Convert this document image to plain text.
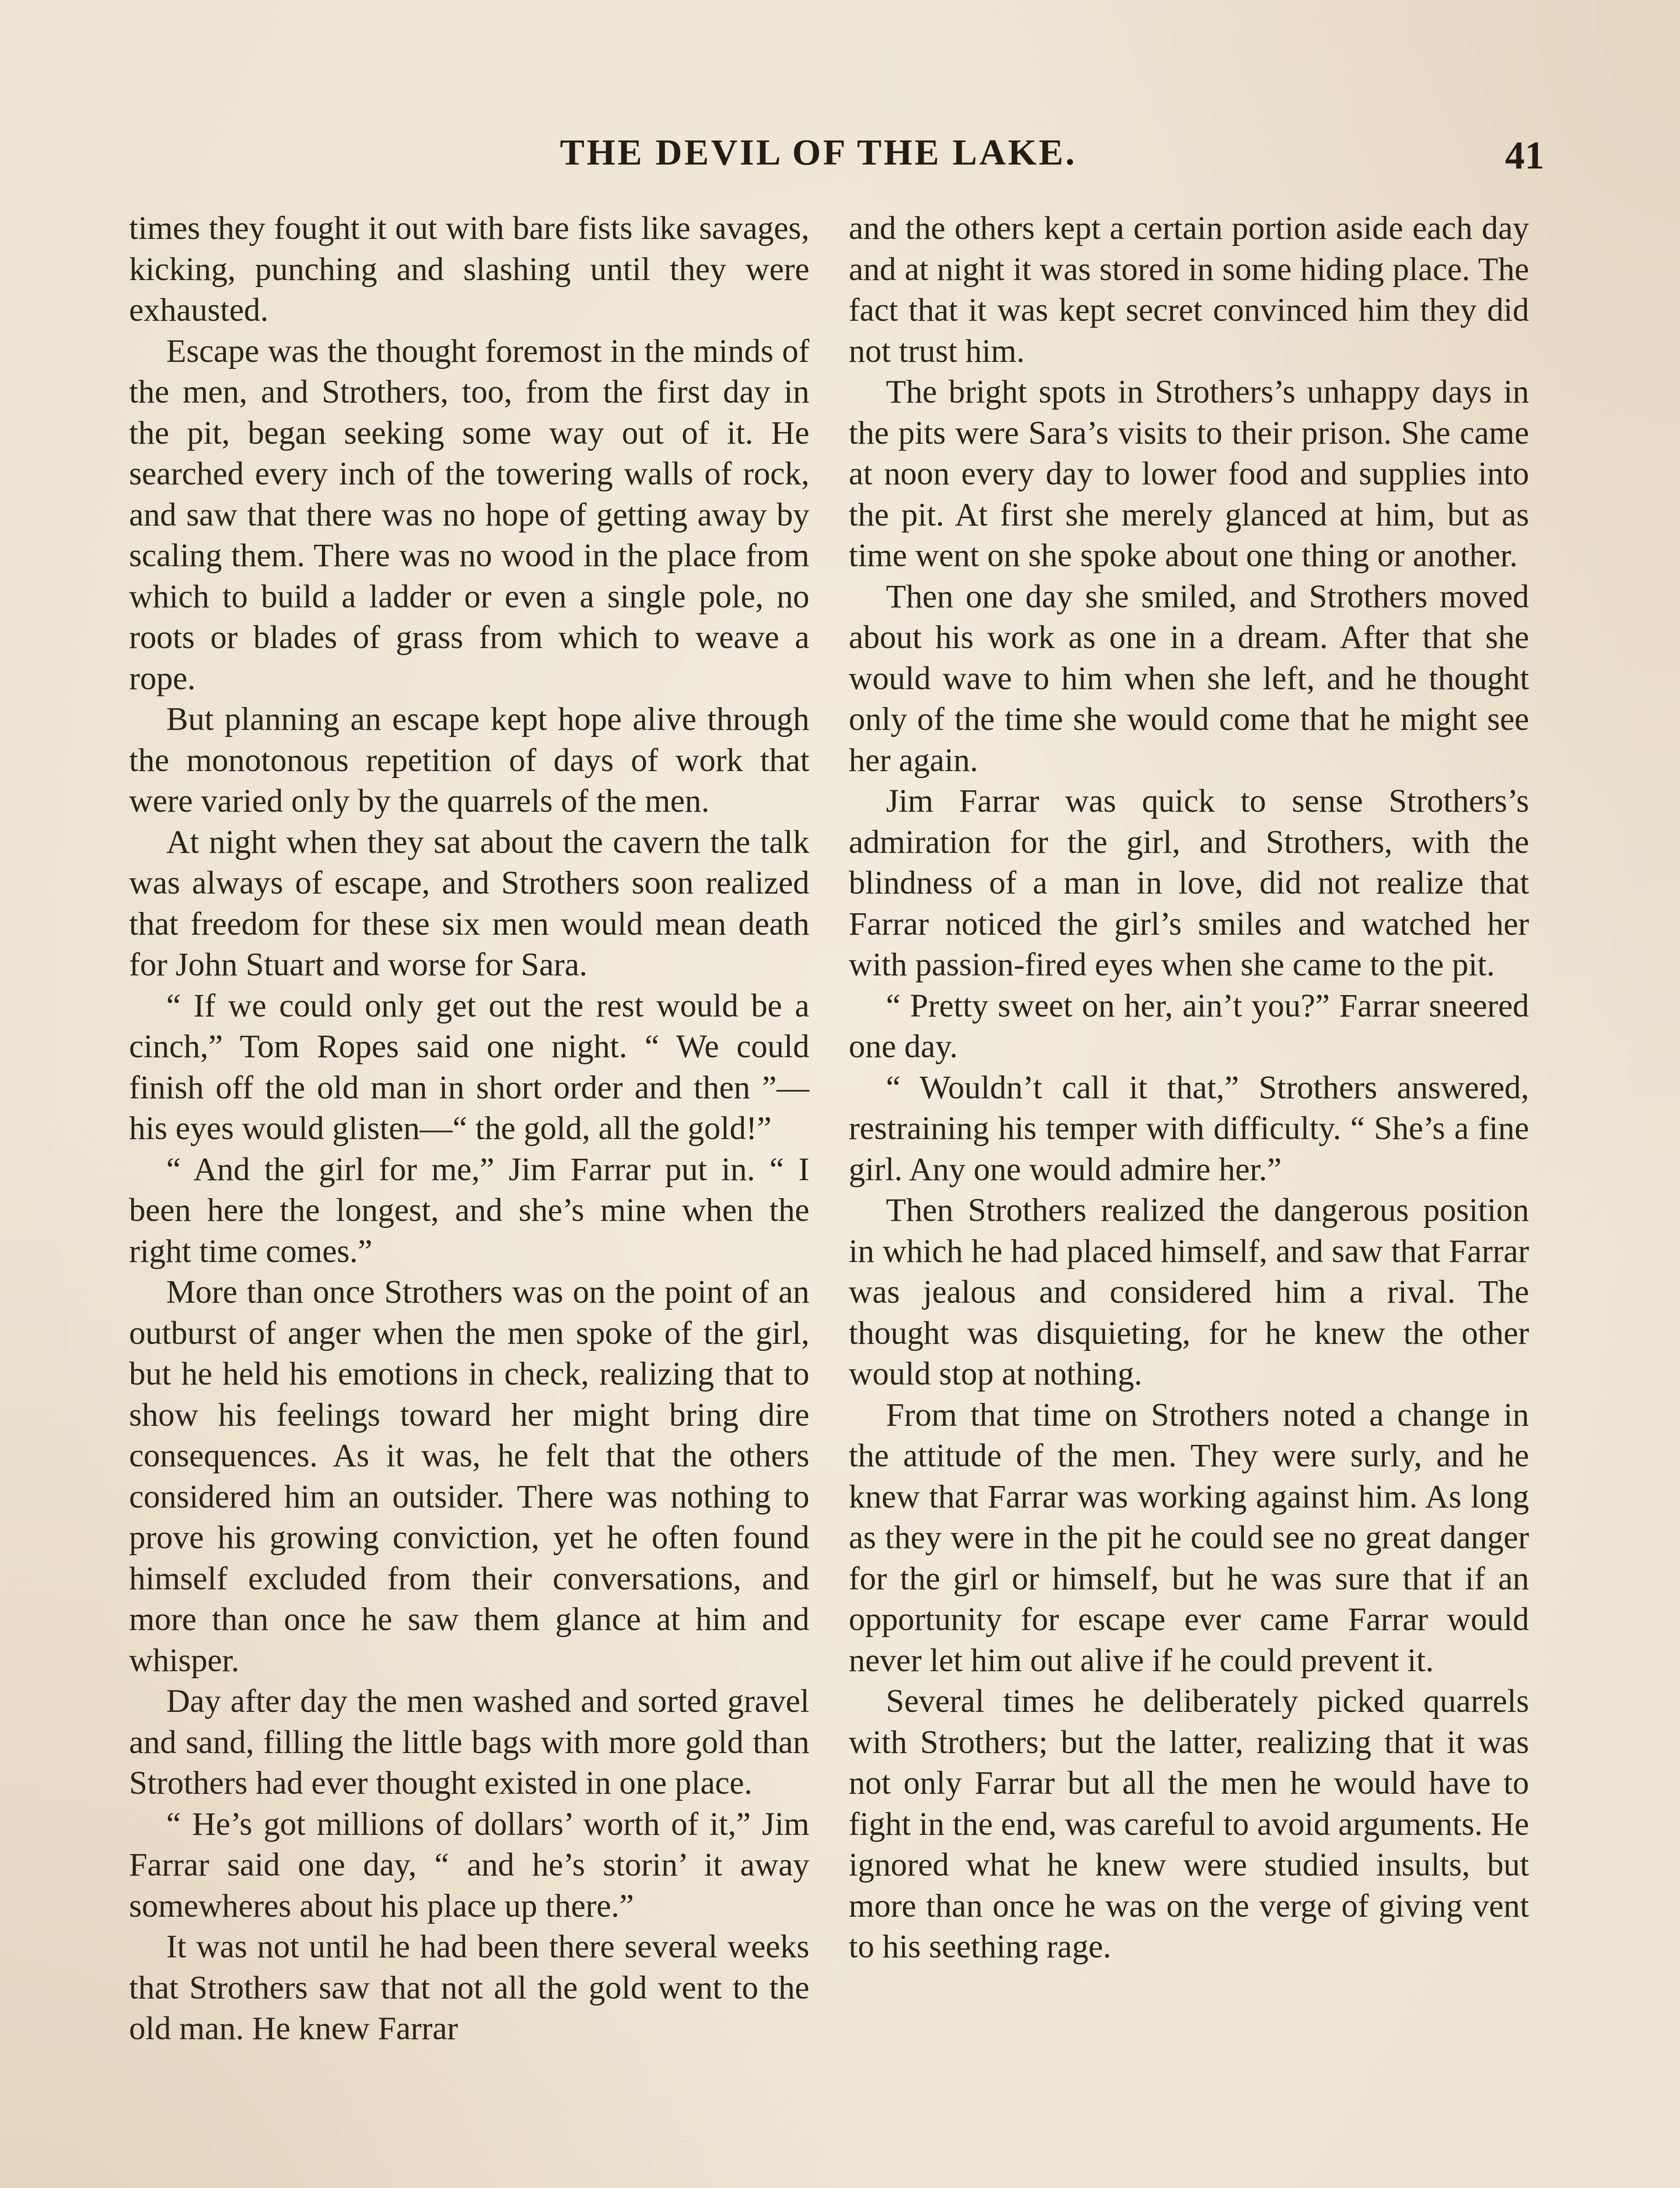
THE DEVIL OF THE LAKE.	41

times they fought it out with bare fists like savages, kicking, punching and slashing until they were exhausted.

Escape was the thought foremost in the minds of the men, and Strothers, too, from the first day in the pit, began seeking some way out of it. He searched every inch of the towering walls of rock, and saw that there was no hope of getting away by scaling them. There was no wood in the place from which to build a ladder or even a single pole, no roots or blades of grass from which to weave a rope.

But planning an escape kept hope alive through the monotonous repetition of days of work that were varied only by the quarrels of the men.

At night when they sat about the cavern the talk was always of escape, and Strothers soon realized that freedom for these six men would mean death for John Stuart and worse for Sara.

“ If we could only get out the rest would be a cinch,” Tom Ropes said one night. “ We could finish off the old man in short order and then ”—his eyes would glisten—“ the gold, all the gold!”

“ And the girl for me,” Jim Farrar put in. “ I been here the longest, and she’s mine when the right time comes.”

More than once Strothers was on the point of an outburst of anger when the men spoke of the girl, but he held his emotions in check, realizing that to show his feelings toward her might bring dire consequences. As it was, he felt that the others considered him an outsider. There was nothing to prove his growing conviction, yet he often found himself excluded from their conversations, and more than once he saw them glance at him and whisper.

Day after day the men washed and sorted gravel and sand, filling the little bags with more gold than Strothers had ever thought existed in one place.

“ He’s got millions of dollars’ worth of it,” Jim Farrar said one day, “ and he’s storin’ it away somewheres about his place up there.”

It was not until he had been there several weeks that Strothers saw that not all the gold went to the old man. He knew Farrar

and the others kept a certain portion aside each day and at night it was stored in some hiding place. The fact that it was kept secret convinced him they did not trust him.

The bright spots in Strothers’s unhappy days in the pits were Sara’s visits to their prison. She came at noon every day to lower food and supplies into the pit. At first she merely glanced at him, but as time went on she spoke about one thing or another.

Then one day she smiled, and Strothers moved about his work as one in a dream. After that she would wave to him when she left, and he thought only of the time she would come that he might see her again.

Jim Farrar was quick to sense Strothers’s admiration for the girl, and Strothers, with the blindness of a man in love, did not realize that Farrar noticed the girl’s smiles and watched her with passion-fired eyes when she came to the pit.

“ Pretty sweet on her, ain’t you?” Farrar sneered one day.

“ Wouldn’t call it that,” Strothers answered, restraining his temper with difficulty. “ She’s a fine girl. Any one would admire her.”

Then Strothers realized the dangerous position in which he had placed himself, and saw that Farrar was jealous and considered him a rival. The thought was disquieting, for he knew the other would stop at nothing.

From that time on Strothers noted a change in the attitude of the men. They were surly, and he knew that Farrar was working against him. As long as they were in the pit he could see no great danger for the girl or himself, but he was sure that if an opportunity for escape ever came Farrar would never let him out alive if he could prevent it.

Several times he deliberately picked quarrels with Strothers; but the latter, realizing that it was not only Farrar but all the men he would have to fight in the end, was careful to avoid arguments. He ignored what he knew were studied insults, but more than once he was on the verge of giving vent to his seething rage.
